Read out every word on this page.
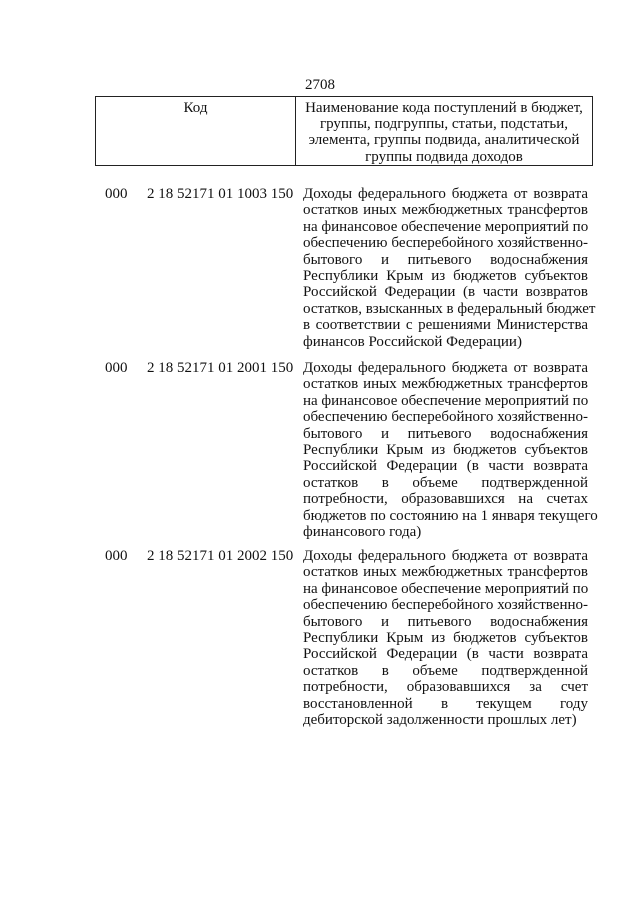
2708
Код	Наименование кода поступлений в бюджет,
группы, подгруппы, статьи, подстатьи,
элемента, группы подвида, аналитической
группы подвида доходов
000 2 18 52171 01 1003 150 Доходы федерального бюджета от возврата
остатков иных межбюджетных трансфертов
на финансовое обеспечение мероприятий по
обеспечению бесперебойного хозяйственно-
бытового и питьевого водоснабжения
Республики Крым из бюджетов субъектов
Российской Федерации (в части возвратов
остатков, взысканных в федеральный бюджет
в соответствии с решениями Министерства
финансов Российской Федерации)
000 2 18 52171 01 2001 150 Доходы федерального бюджета от возврата
остатков иных межбюджетных трансфертов
на финансовое обеспечение мероприятий по
обеспечению бесперебойного хозяйственно-
бытового и питьевого водоснабжения
Республики Крым из бюджетов субъектов
Российской Федерации (в части возврата
остатков в объеме подтвержденной
потребности, образовавшихся на счетах
бюджетов по состоянию на 1 января текущего
финансового года)
000 2 18 52171 01 2002 150 Доходы федерального бюджета от возврата
остатков иных межбюджетных трансфертов
на финансовое обеспечение мероприятий по
обеспечению бесперебойного хозяйственно-
бытового и питьевого водоснабжения
Республики Крым из бюджетов субъектов
Российской Федерации (в части возврата
остатков в объеме подтвержденной
потребности, образовавшихся за счет
восстановленной в текущем году
дебиторской задолженности прошлых лет)
